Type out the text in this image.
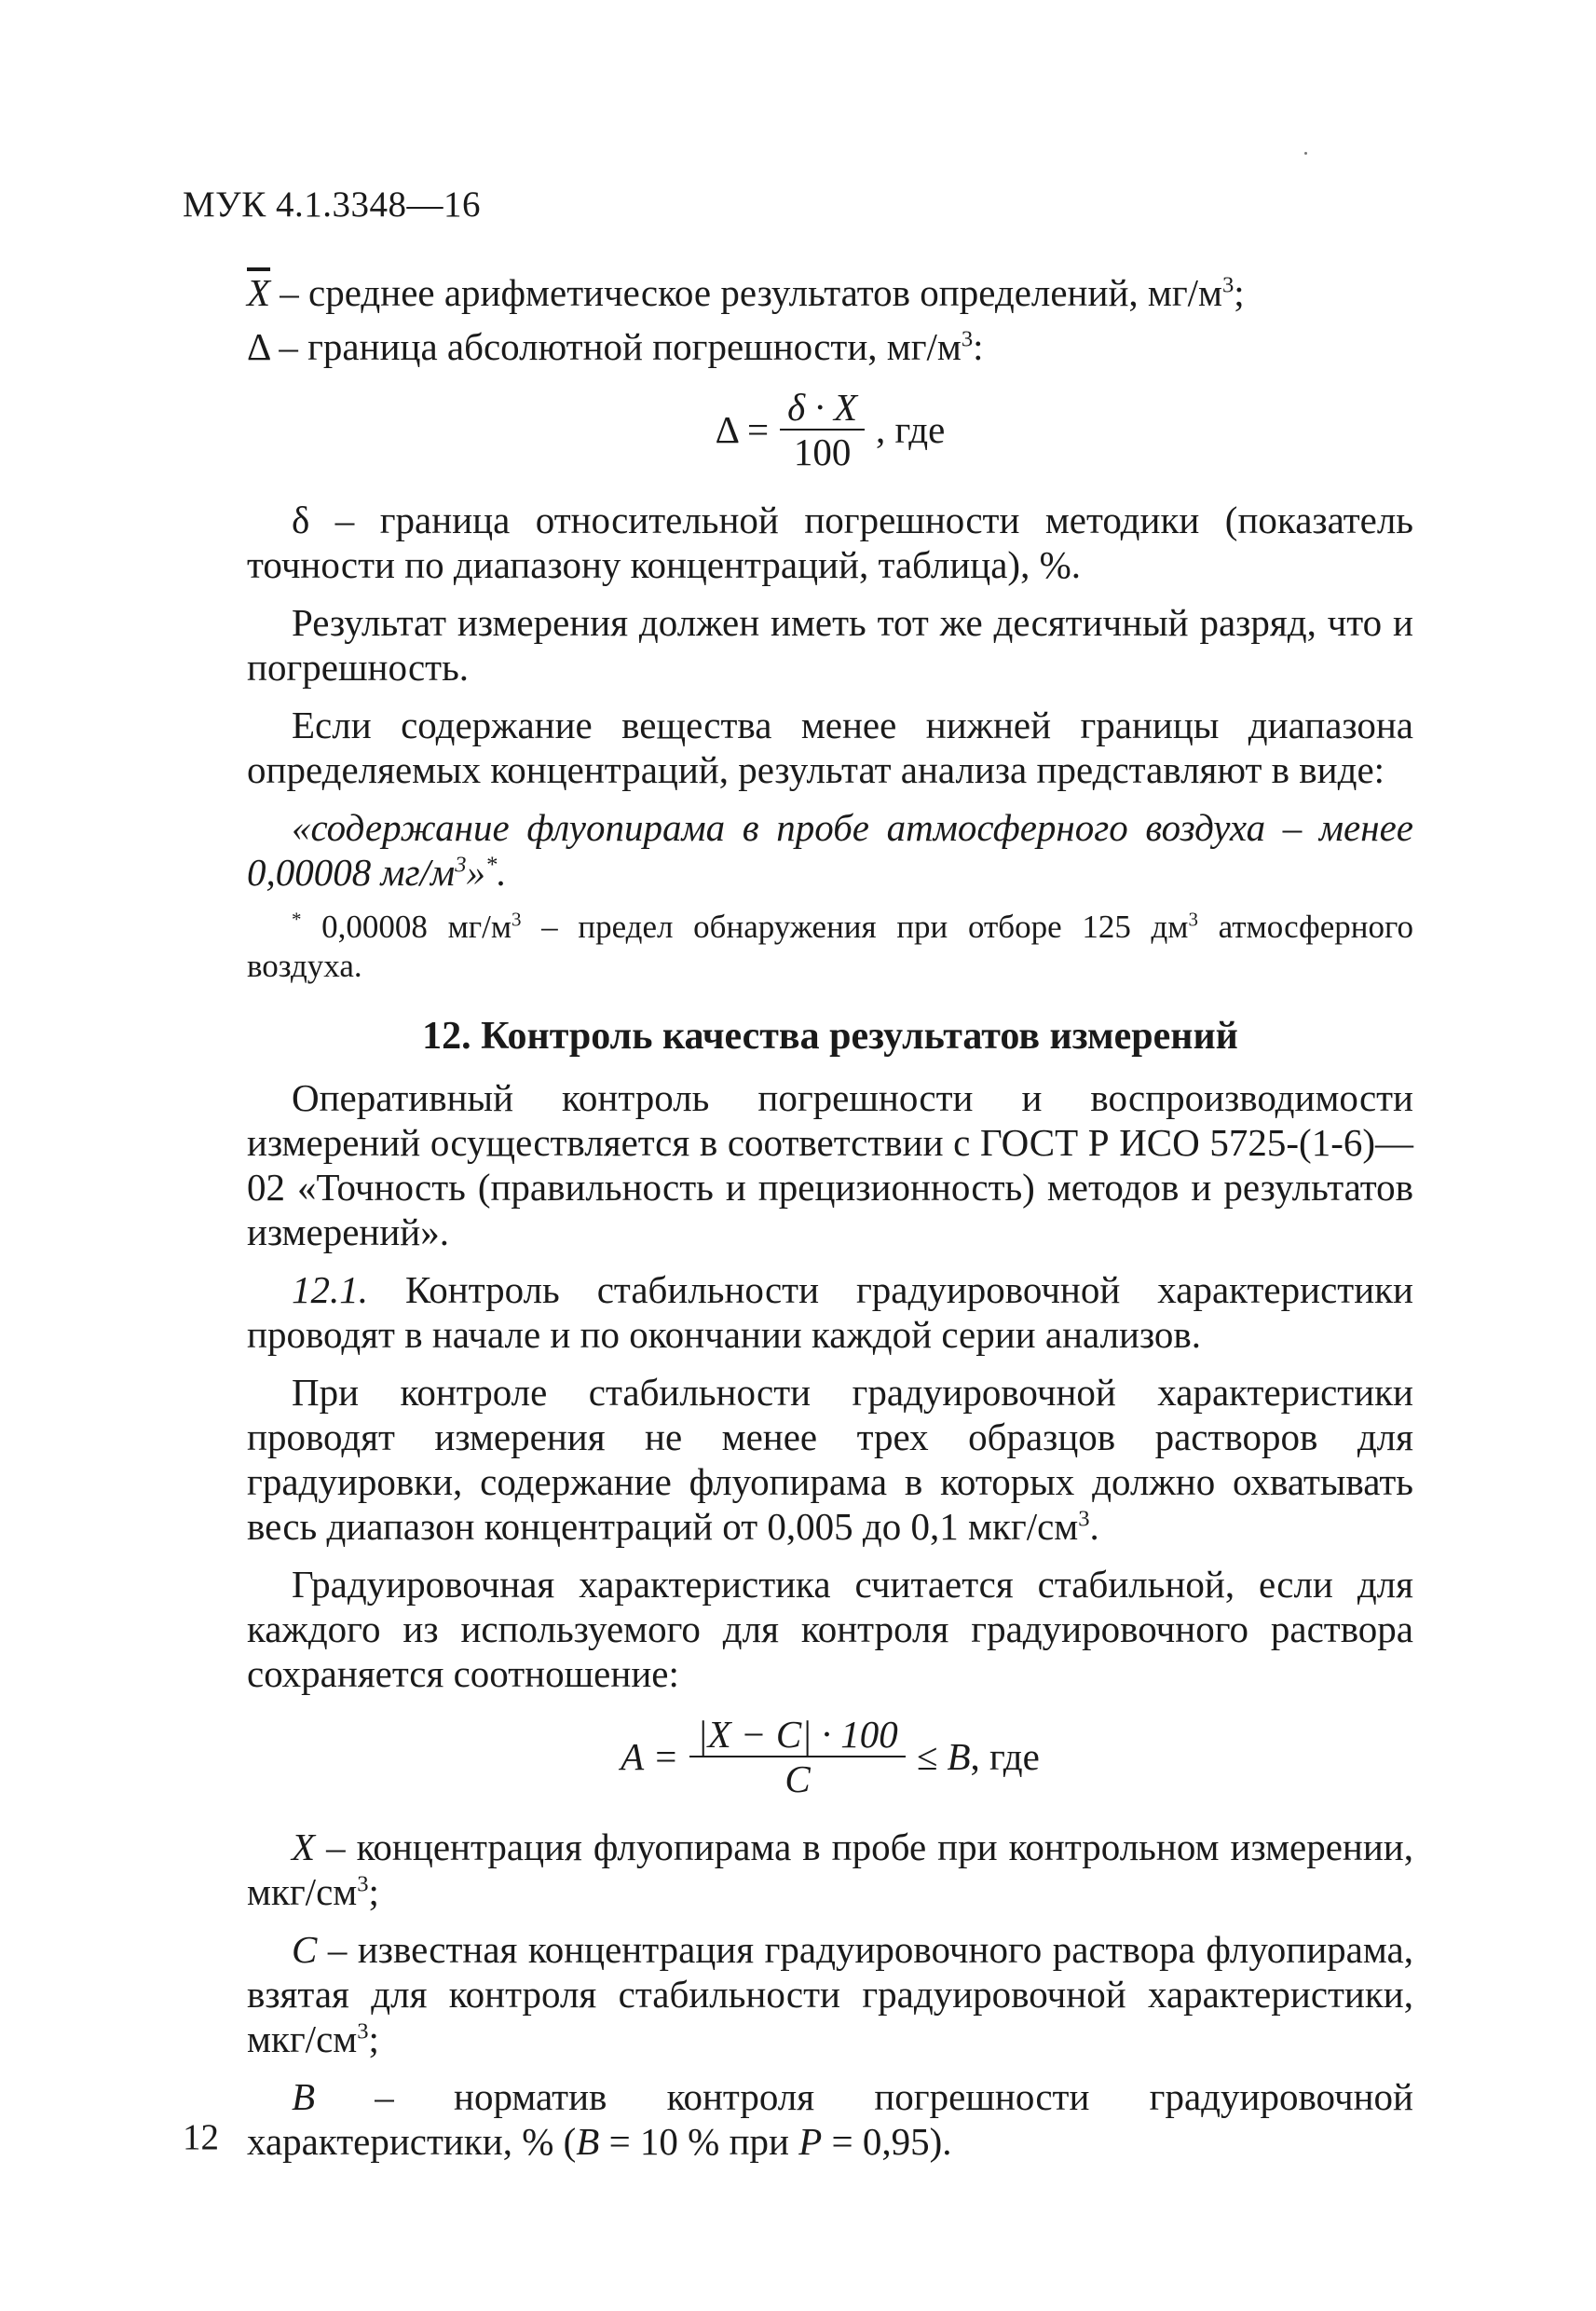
МУК 4.1.3348—16

$\overline{X}$ – среднее арифметическое результатов определений, $мг/м^3$;

Δ – граница абсолютной погрешности, $мг/м^3$:

$\Delta = \frac{\delta \cdot X}{100}$ , где

δ – граница относительной погрешности методики (показатель точности по диапазону концентраций, таблица), %.

Результат измерения должен иметь тот же десятичный разряд, что и погрешность.

Если содержание вещества менее нижней границы диапазона определяемых концентраций, результат анализа представляют в виде:

«содержание флуопирама в пробе атмосферного воздуха – менее 0,00008 $мг/м^3»^*$.

* 0,00008 $мг/м^3$ – предел обнаружения при отборе 125 $дм^3$ атмосферного воздуха.

12. Контроль качества результатов измерений

Оперативный контроль погрешности и воспроизводимости измерений осуществляется в соответствии с ГОСТ Р ИСО 5725-(1-6)—02 «Точность (правильность и прецизионность) методов и результатов измерений».

12.1. Контроль стабильности градуировочной характеристики проводят в начале и по окончании каждой серии анализов.

При контроле стабильности градуировочной характеристики проводят измерения не менее трех образцов растворов для градуировки, содержание флуопирама в которых должно охватывать весь диапазон концентраций от 0,005 до 0,1 мкг/$см^3$.

Градуировочная характеристика считается стабильной, если для каждого из используемого для контроля градуировочного раствора сохраняется соотношение:

$A = \frac{|X - C| \cdot 100}{C} \le B$ , где

X – концентрация флуопирама в пробе при контрольном измерении, мкг/$см^3$;

C – известная концентрация градуировочного раствора флуопирама, взятая для контроля стабильности градуировочной характеристики, мкг/$см^3$;

B – норматив контроля погрешности градуировочной характеристики, % (B = 10 % при P = 0,95).

12
